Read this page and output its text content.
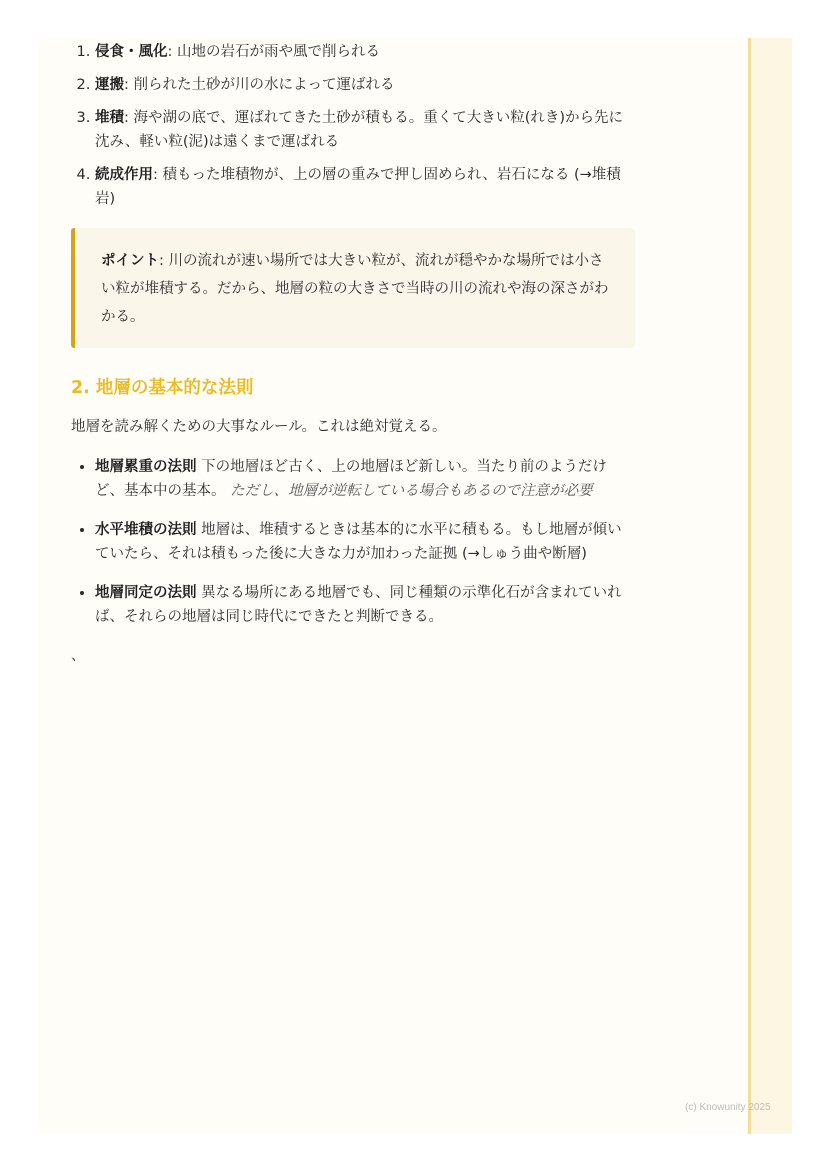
1. 侵食・風化: 山地の岩石が雨や風で削られる
2. 運搬: 削られた土砂が川の水によって運ばれる
3. 堆積: 海や湖の底で、運ばれてきた土砂が積もる。重くて大きい粒(れき)から先に沈み、軽い粒(泥)は遠くまで運ばれる
4. 続成作用: 積もった堆積物が、上の層の重みで押し固められ、岩石になる (→堆積岩)

ポイント: 川の流れが速い場所では大きい粒が、流れが穏やかな場所では小さい粒が堆積する。だから、地層の粒の大きさで当時の川の流れや海の深さがわかる。

2. 地層の基本的な法則

地層を読み解くための大事なルール。これは絶対覚える。

• 地層累重の法則 下の地層ほど古く、上の地層ほど新しい。当たり前のようだけど、基本中の基本。 ただし、地層が逆転している場合もあるので注意が必要
• 水平堆積の法則 地層は、堆積するときは基本的に水平に積もる。もし地層が傾いていたら、それは積もった後に大きな力が加わった証拠 (→しゅう曲や断層)
• 地層同定の法則 異なる場所にある地層でも、同じ種類の示準化石が含まれていれば、それらの地層は同じ時代にできたと判断できる。
、
(c) Knowunity 2025
